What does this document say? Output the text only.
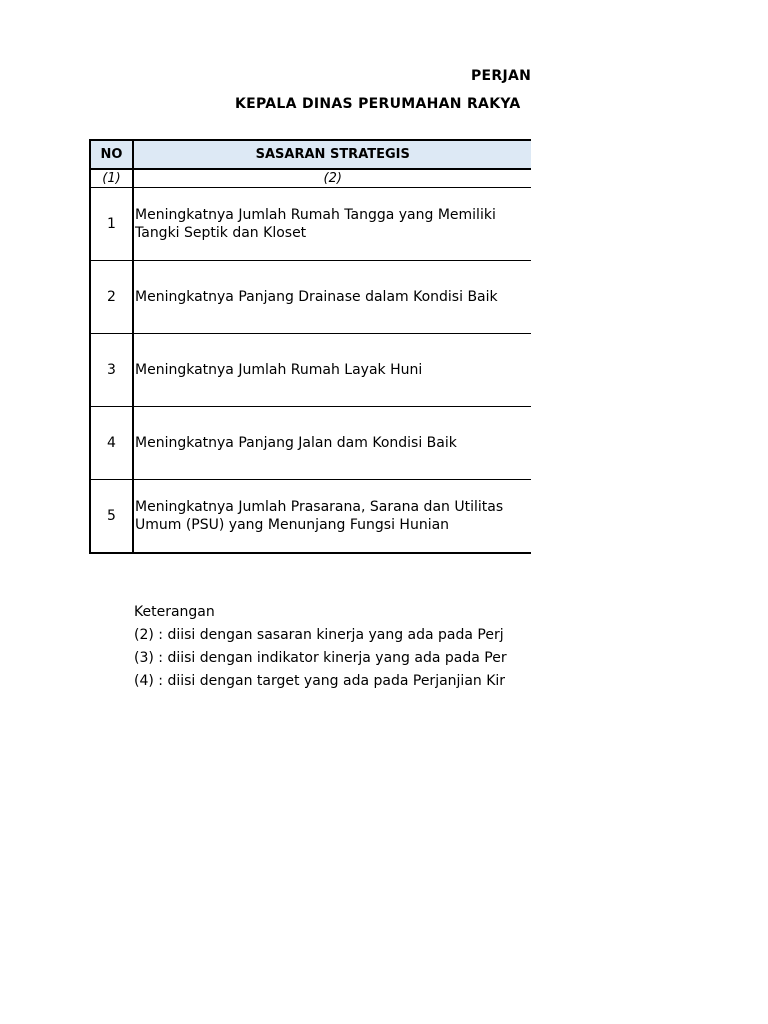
PERJAN
KEPALA DINAS PERUMAHAN RAKYA
NO	SASARAN STRATEGIS
(1)	(2)
1	Meningkatnya Jumlah Rumah Tangga yang Memiliki Tangki Septik dan Kloset
2	Meningkatnya Panjang Drainase dalam Kondisi Baik
3	Meningkatnya Jumlah Rumah Layak Huni
4	Meningkatnya Panjang Jalan dam Kondisi Baik
5	Meningkatnya Jumlah Prasarana, Sarana dan Utilitas Umum (PSU) yang Menunjang Fungsi Hunian
Keterangan
(2) : diisi dengan sasaran kinerja yang ada pada Perj
(3) : diisi dengan indikator kinerja yang ada pada Per
(4) : diisi dengan target yang ada pada Perjanjian Kir
